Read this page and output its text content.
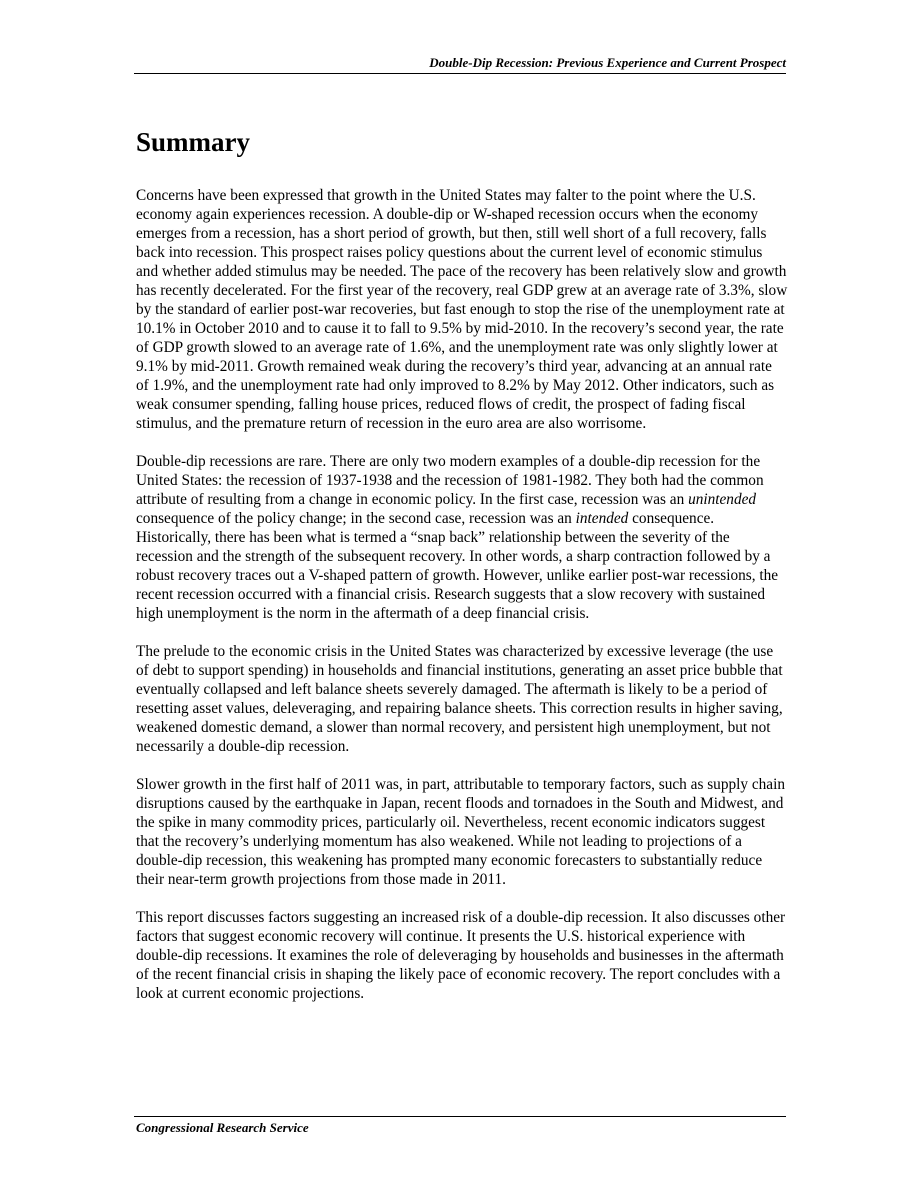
Double-Dip Recession: Previous Experience and Current Prospect
Summary

Concerns have been expressed that growth in the United States may falter to the point where the U.S. economy again experiences recession. A double-dip or W-shaped recession occurs when the economy emerges from a recession, has a short period of growth, but then, still well short of a full recovery, falls back into recession. This prospect raises policy questions about the current level of economic stimulus and whether added stimulus may be needed. The pace of the recovery has been relatively slow and growth has recently decelerated. For the first year of the recovery, real GDP grew at an average rate of 3.3%, slow by the standard of earlier post-war recoveries, but fast enough to stop the rise of the unemployment rate at 10.1% in October 2010 and to cause it to fall to 9.5% by mid-2010. In the recovery’s second year, the rate of GDP growth slowed to an average rate of 1.6%, and the unemployment rate was only slightly lower at 9.1% by mid-2011. Growth remained weak during the recovery’s third year, advancing at an annual rate of 1.9%, and the unemployment rate had only improved to 8.2% by May 2012. Other indicators, such as weak consumer spending, falling house prices, reduced flows of credit, the prospect of fading fiscal stimulus, and the premature return of recession in the euro area are also worrisome.

Double-dip recessions are rare. There are only two modern examples of a double-dip recession for the United States: the recession of 1937-1938 and the recession of 1981-1982. They both had the common attribute of resulting from a change in economic policy. In the first case, recession was an unintended consequence of the policy change; in the second case, recession was an intended consequence. Historically, there has been what is termed a “snap back” relationship between the severity of the recession and the strength of the subsequent recovery. In other words, a sharp contraction followed by a robust recovery traces out a V-shaped pattern of growth. However, unlike earlier post-war recessions, the recent recession occurred with a financial crisis. Research suggests that a slow recovery with sustained high unemployment is the norm in the aftermath of a deep financial crisis.

The prelude to the economic crisis in the United States was characterized by excessive leverage (the use of debt to support spending) in households and financial institutions, generating an asset price bubble that eventually collapsed and left balance sheets severely damaged. The aftermath is likely to be a period of resetting asset values, deleveraging, and repairing balance sheets. This correction results in higher saving, weakened domestic demand, a slower than normal recovery, and persistent high unemployment, but not necessarily a double-dip recession.

Slower growth in the first half of 2011 was, in part, attributable to temporary factors, such as supply chain disruptions caused by the earthquake in Japan, recent floods and tornadoes in the South and Midwest, and the spike in many commodity prices, particularly oil. Nevertheless, recent economic indicators suggest that the recovery’s underlying momentum has also weakened. While not leading to projections of a double-dip recession, this weakening has prompted many economic forecasters to substantially reduce their near-term growth projections from those made in 2011.

This report discusses factors suggesting an increased risk of a double-dip recession. It also discusses other factors that suggest economic recovery will continue. It presents the U.S. historical experience with double-dip recessions. It examines the role of deleveraging by households and businesses in the aftermath of the recent financial crisis in shaping the likely pace of economic recovery. The report concludes with a look at current economic projections.

Congressional Research Service
